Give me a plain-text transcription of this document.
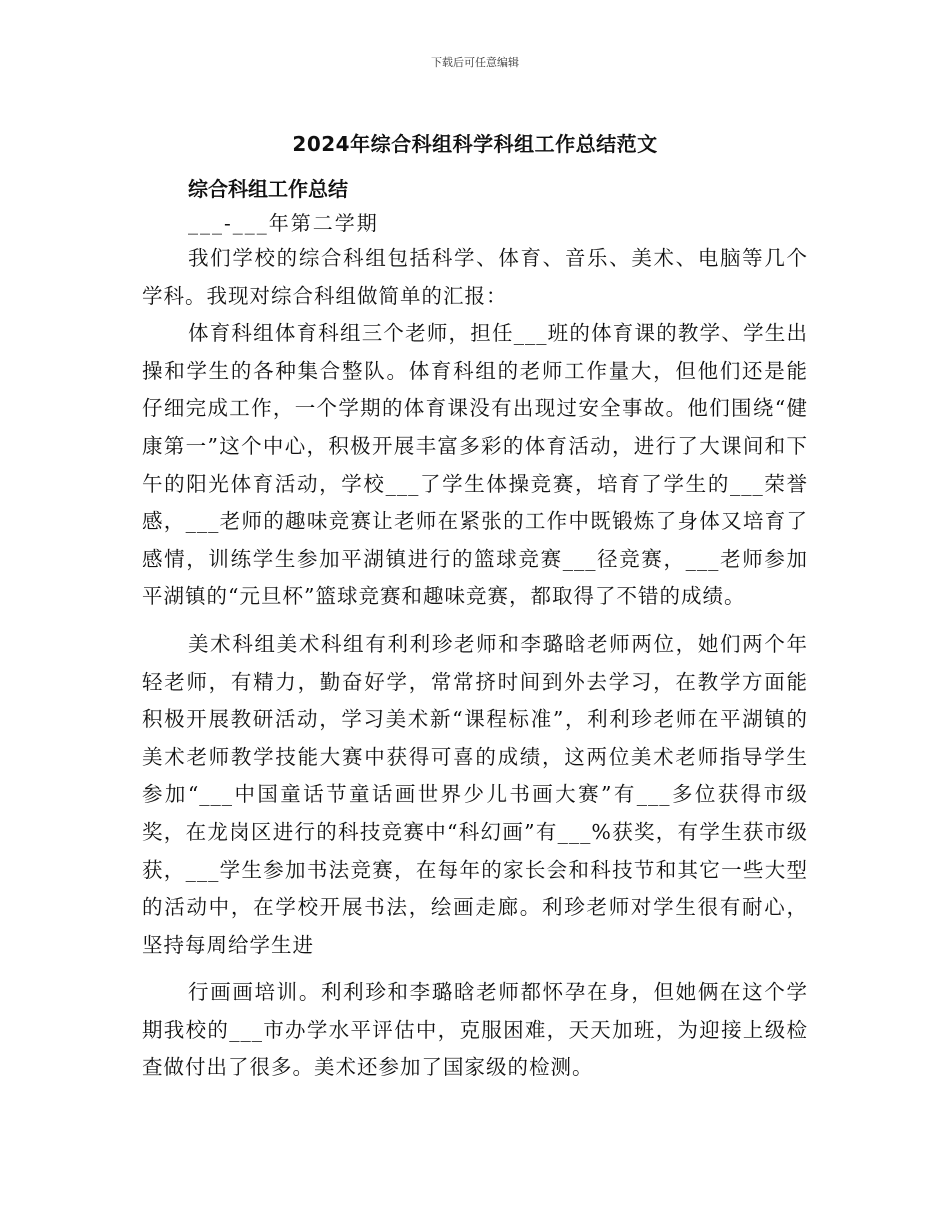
下载后可任意编辑
2024年综合科组科学科组工作总结范文

综合科组工作总结

___-___年第二学期

我们学校的综合科组包括科学、体育、音乐、美术、电脑等几个学科。我现对综合科组做简单的汇报：

体育科组体育科组三个老师，担任___班的体育课的教学、学生出操和学生的各种集合整队。体育科组的老师工作量大，但他们还是能仔细完成工作，一个学期的体育课没有出现过安全事故。他们围绕“健康第一”这个中心，积极开展丰富多彩的体育活动，进行了大课间和下午的阳光体育活动，学校___了学生体操竞赛，培育了学生的___荣誉感，___老师的趣味竞赛让老师在紧张的工作中既锻炼了身体又培育了感情，训练学生参加平湖镇进行的篮球竞赛___径竞赛，___老师参加平湖镇的“元旦杯”篮球竞赛和趣味竞赛，都取得了不错的成绩。

美术科组美术科组有利利珍老师和李璐晗老师两位，她们两个年轻老师，有精力，勤奋好学，常常挤时间到外去学习，在教学方面能积极开展教研活动，学习美术新“课程标准”，利利珍老师在平湖镇的美术老师教学技能大赛中获得可喜的成绩，这两位美术老师指导学生参加“___中国童话节童话画世界少儿书画大赛”有___多位获得市级奖，在龙岗区进行的科技竞赛中“科幻画”有___%获奖，有学生获市级获，___学生参加书法竞赛，在每年的家长会和科技节和其它一些大型的活动中，在学校开展书法，绘画走廊。利珍老师对学生很有耐心，坚持每周给学生进

行画画培训。利利珍和李璐晗老师都怀孕在身，但她俩在这个学期我校的___市办学水平评估中，克服困难，天天加班，为迎接上级检查做付出了很多。美术还参加了国家级的检测。
